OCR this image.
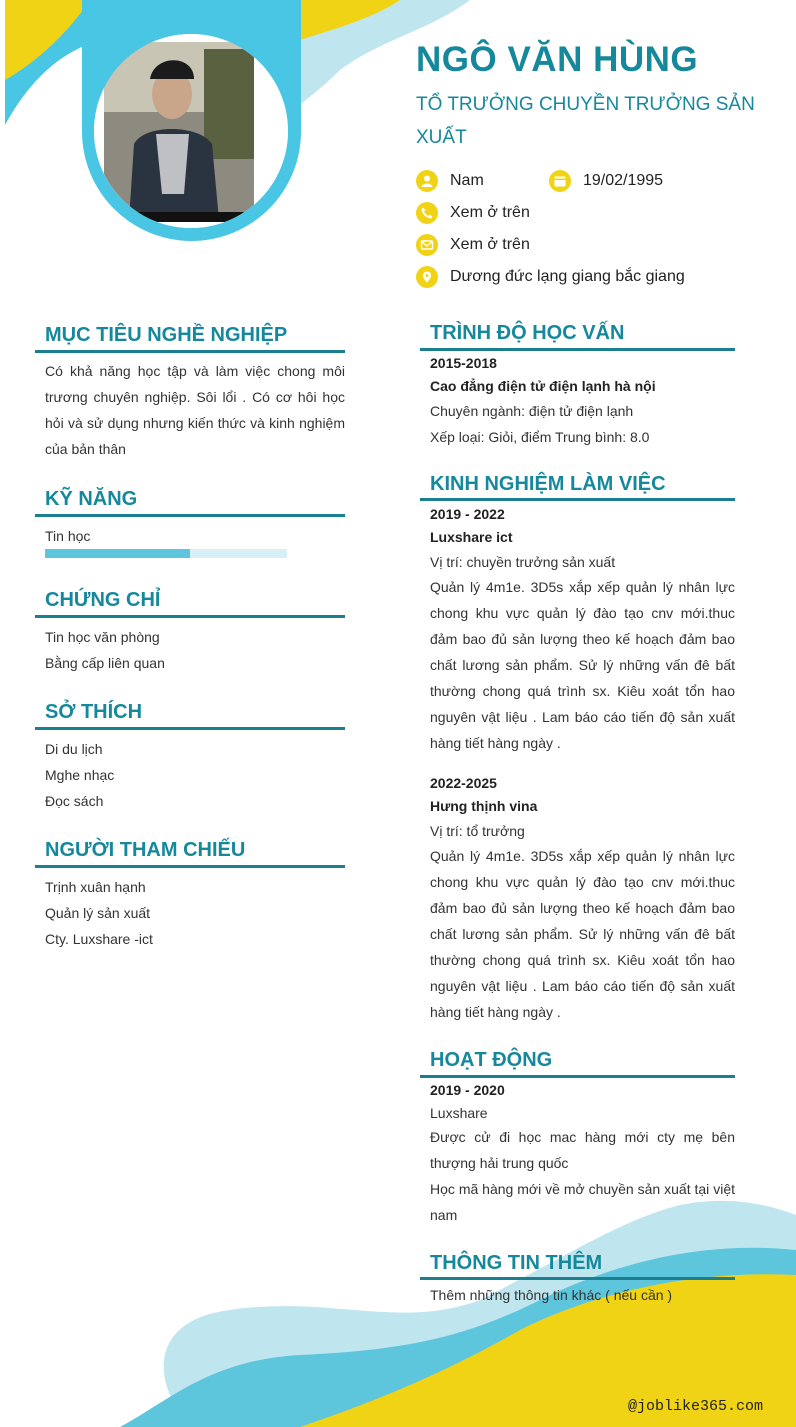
NGÔ VĂN HÙNG
TỔ TRƯỞNG CHUYỀN TRƯỞNG SẢN XUẤT
Nam	19/02/1995
Xem ở trên
Xem ở trên
Dương đức lạng giang bắc giang
MỤC TIÊU NGHỀ NGHIỆP
Có khả năng học tập và làm việc chong môi trương chuyên nghiệp. Sôi lổi . Có cơ hôi học hỏi và sử dụng nhưng kiến thức và kinh nghiệm của bản thân
KỸ NĂNG
Tin học
CHỨNG CHỈ
Tin học văn phòng
Bằng cấp liên quan
SỞ THÍCH
Di du lịch
Mghe nhạc
Đọc sách
NGƯỜI THAM CHIẾU
Trịnh xuân hạnh
Quản lý sản xuất
Cty. Luxshare -ict
TRÌNH ĐỘ HỌC VẤN
2015-2018
Cao đẳng điện tử điện lạnh hà nội
Chuyên ngành: điện tử điện lạnh
Xếp loại: Giỏi, điểm Trung bình: 8.0
KINH NGHIỆM LÀM VIỆC
2019 - 2022
Luxshare ict
Vị trí: chuyền trưởng sản xuất
Quản lý 4m1e. 3D5s xắp xếp quản lý nhân lực chong khu vực quản lý đào tạo cnv mới.thuc đảm bao đủ sản lượng theo kế hoạch đảm bao chất lương sản phẩm. Sử lý những vấn đê bất thường chong quá trình sx. Kiêu xoát tổn hao nguyên vật liệu . Lam báo cáo tiến độ sản xuất hàng tiết hàng ngày .
2022-2025
Hưng thịnh vina
Vị trí: tổ trưởng
Quản lý 4m1e. 3D5s xắp xếp quản lý nhân lực chong khu vực quản lý đào tạo cnv mới.thuc đảm bao đủ sản lượng theo kế hoạch đảm bao chất lương sản phẩm. Sử lý những vấn đê bất thường chong quá trình sx. Kiêu xoát tổn hao nguyên vật liệu . Lam báo cáo tiến độ sản xuất hàng tiết hàng ngày .
HOẠT ĐỘNG
2019 - 2020
Luxshare
Được cử đi học mac hàng mới cty mẹ bên thượng hải trung quốc
Học mã hàng mới về mở chuyền sản xuất tại việt nam
THÔNG TIN THÊM
Thêm những thông tin khác ( nếu cần )
@joblike365.com
